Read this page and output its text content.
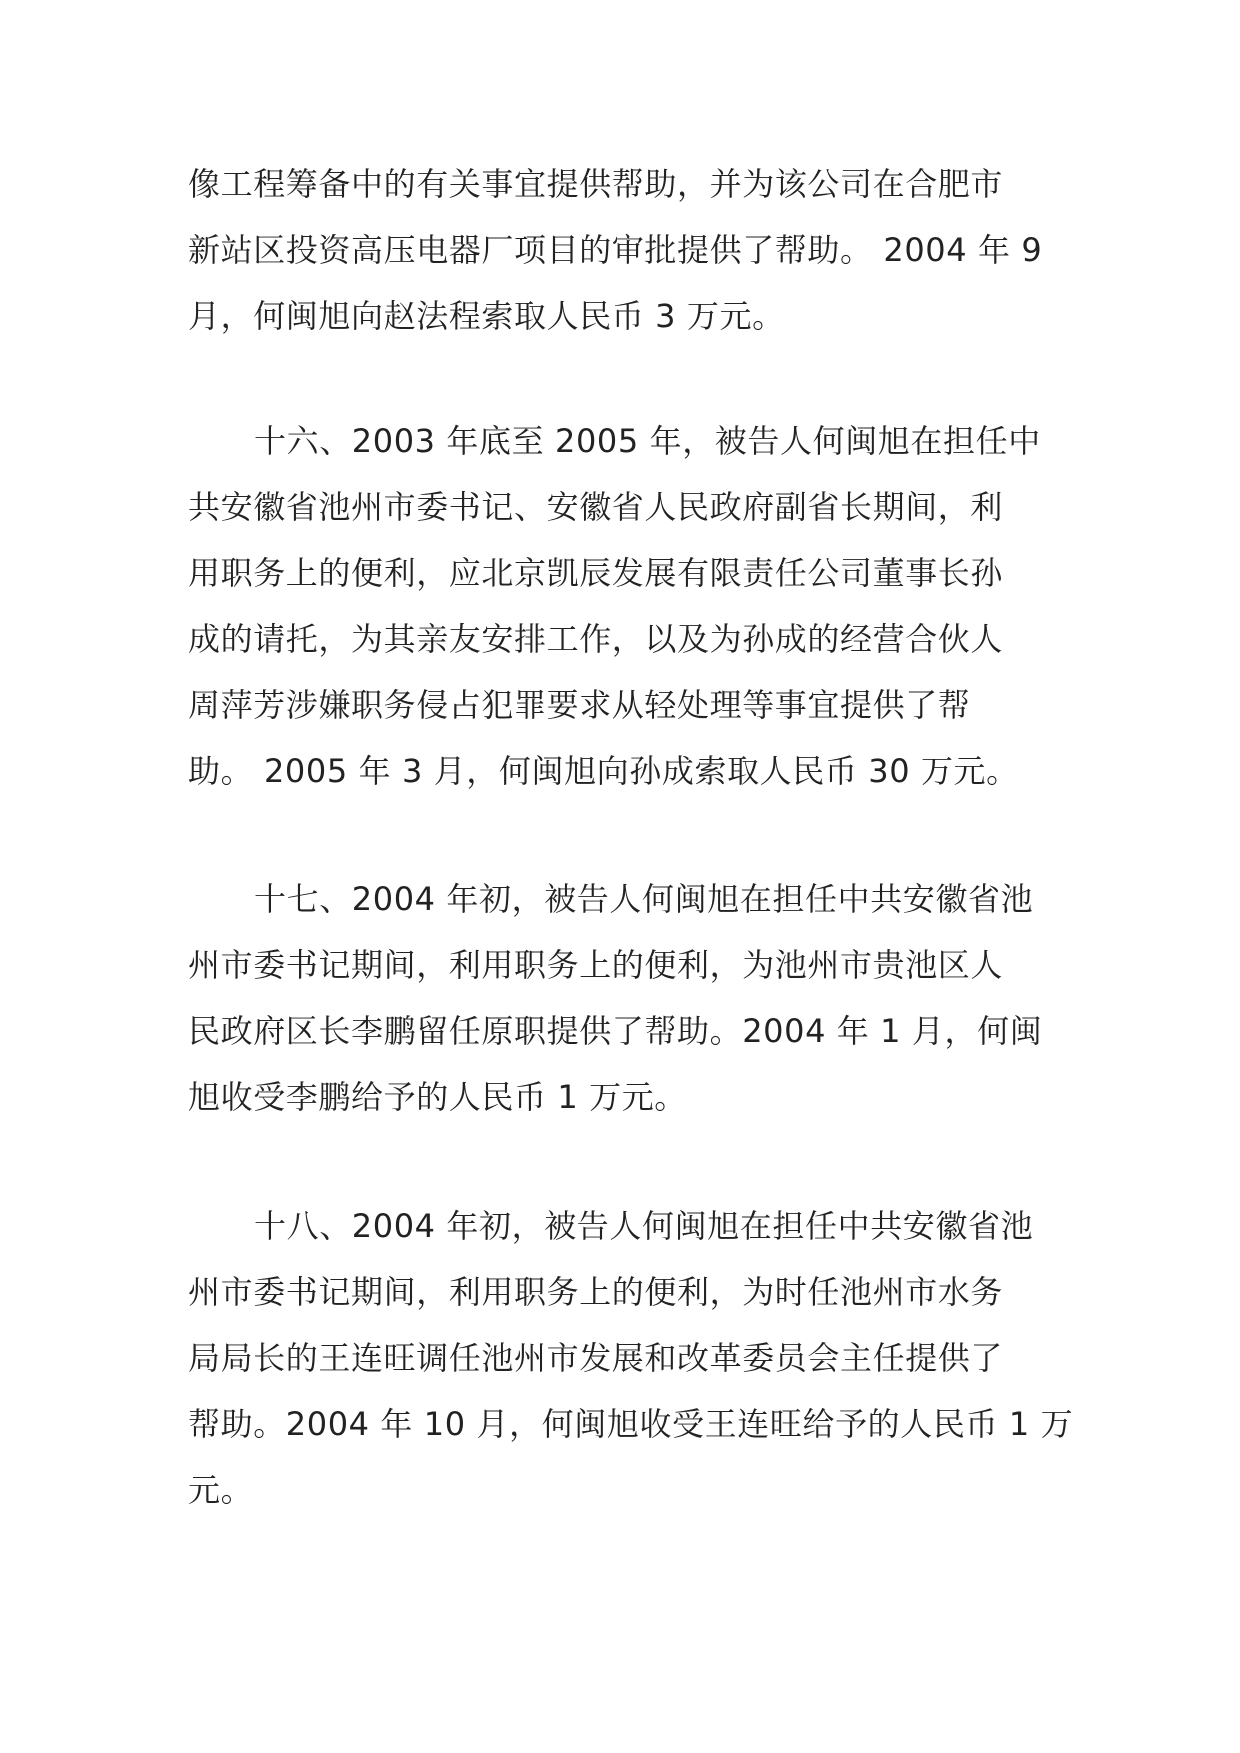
像工程筹备中的有关事宜提供帮助，并为该公司在合肥市
新站区投资高压电器厂项目的审批提供了帮助。 2004 年 9
月，何闽旭向赵法程索取人民币 3 万元。
十六、2003 年底至 2005 年，被告人何闽旭在担任中
共安徽省池州市委书记、安徽省人民政府副省长期间，利
用职务上的便利，应北京凯辰发展有限责任公司董事长孙
成的请托，为其亲友安排工作，以及为孙成的经营合伙人
周萍芳涉嫌职务侵占犯罪要求从轻处理等事宜提供了帮
助。 2005 年 3 月，何闽旭向孙成索取人民币 30 万元。
十七、2004 年初，被告人何闽旭在担任中共安徽省池
州市委书记期间，利用职务上的便利，为池州市贵池区人
民政府区长李鹏留任原职提供了帮助。2004 年 1 月，何闽
旭收受李鹏给予的人民币 1 万元。
十八、2004 年初，被告人何闽旭在担任中共安徽省池
州市委书记期间，利用职务上的便利，为时任池州市水务
局局长的王连旺调任池州市发展和改革委员会主任提供了
帮助。2004 年 10 月，何闽旭收受王连旺给予的人民币 1 万
元。
